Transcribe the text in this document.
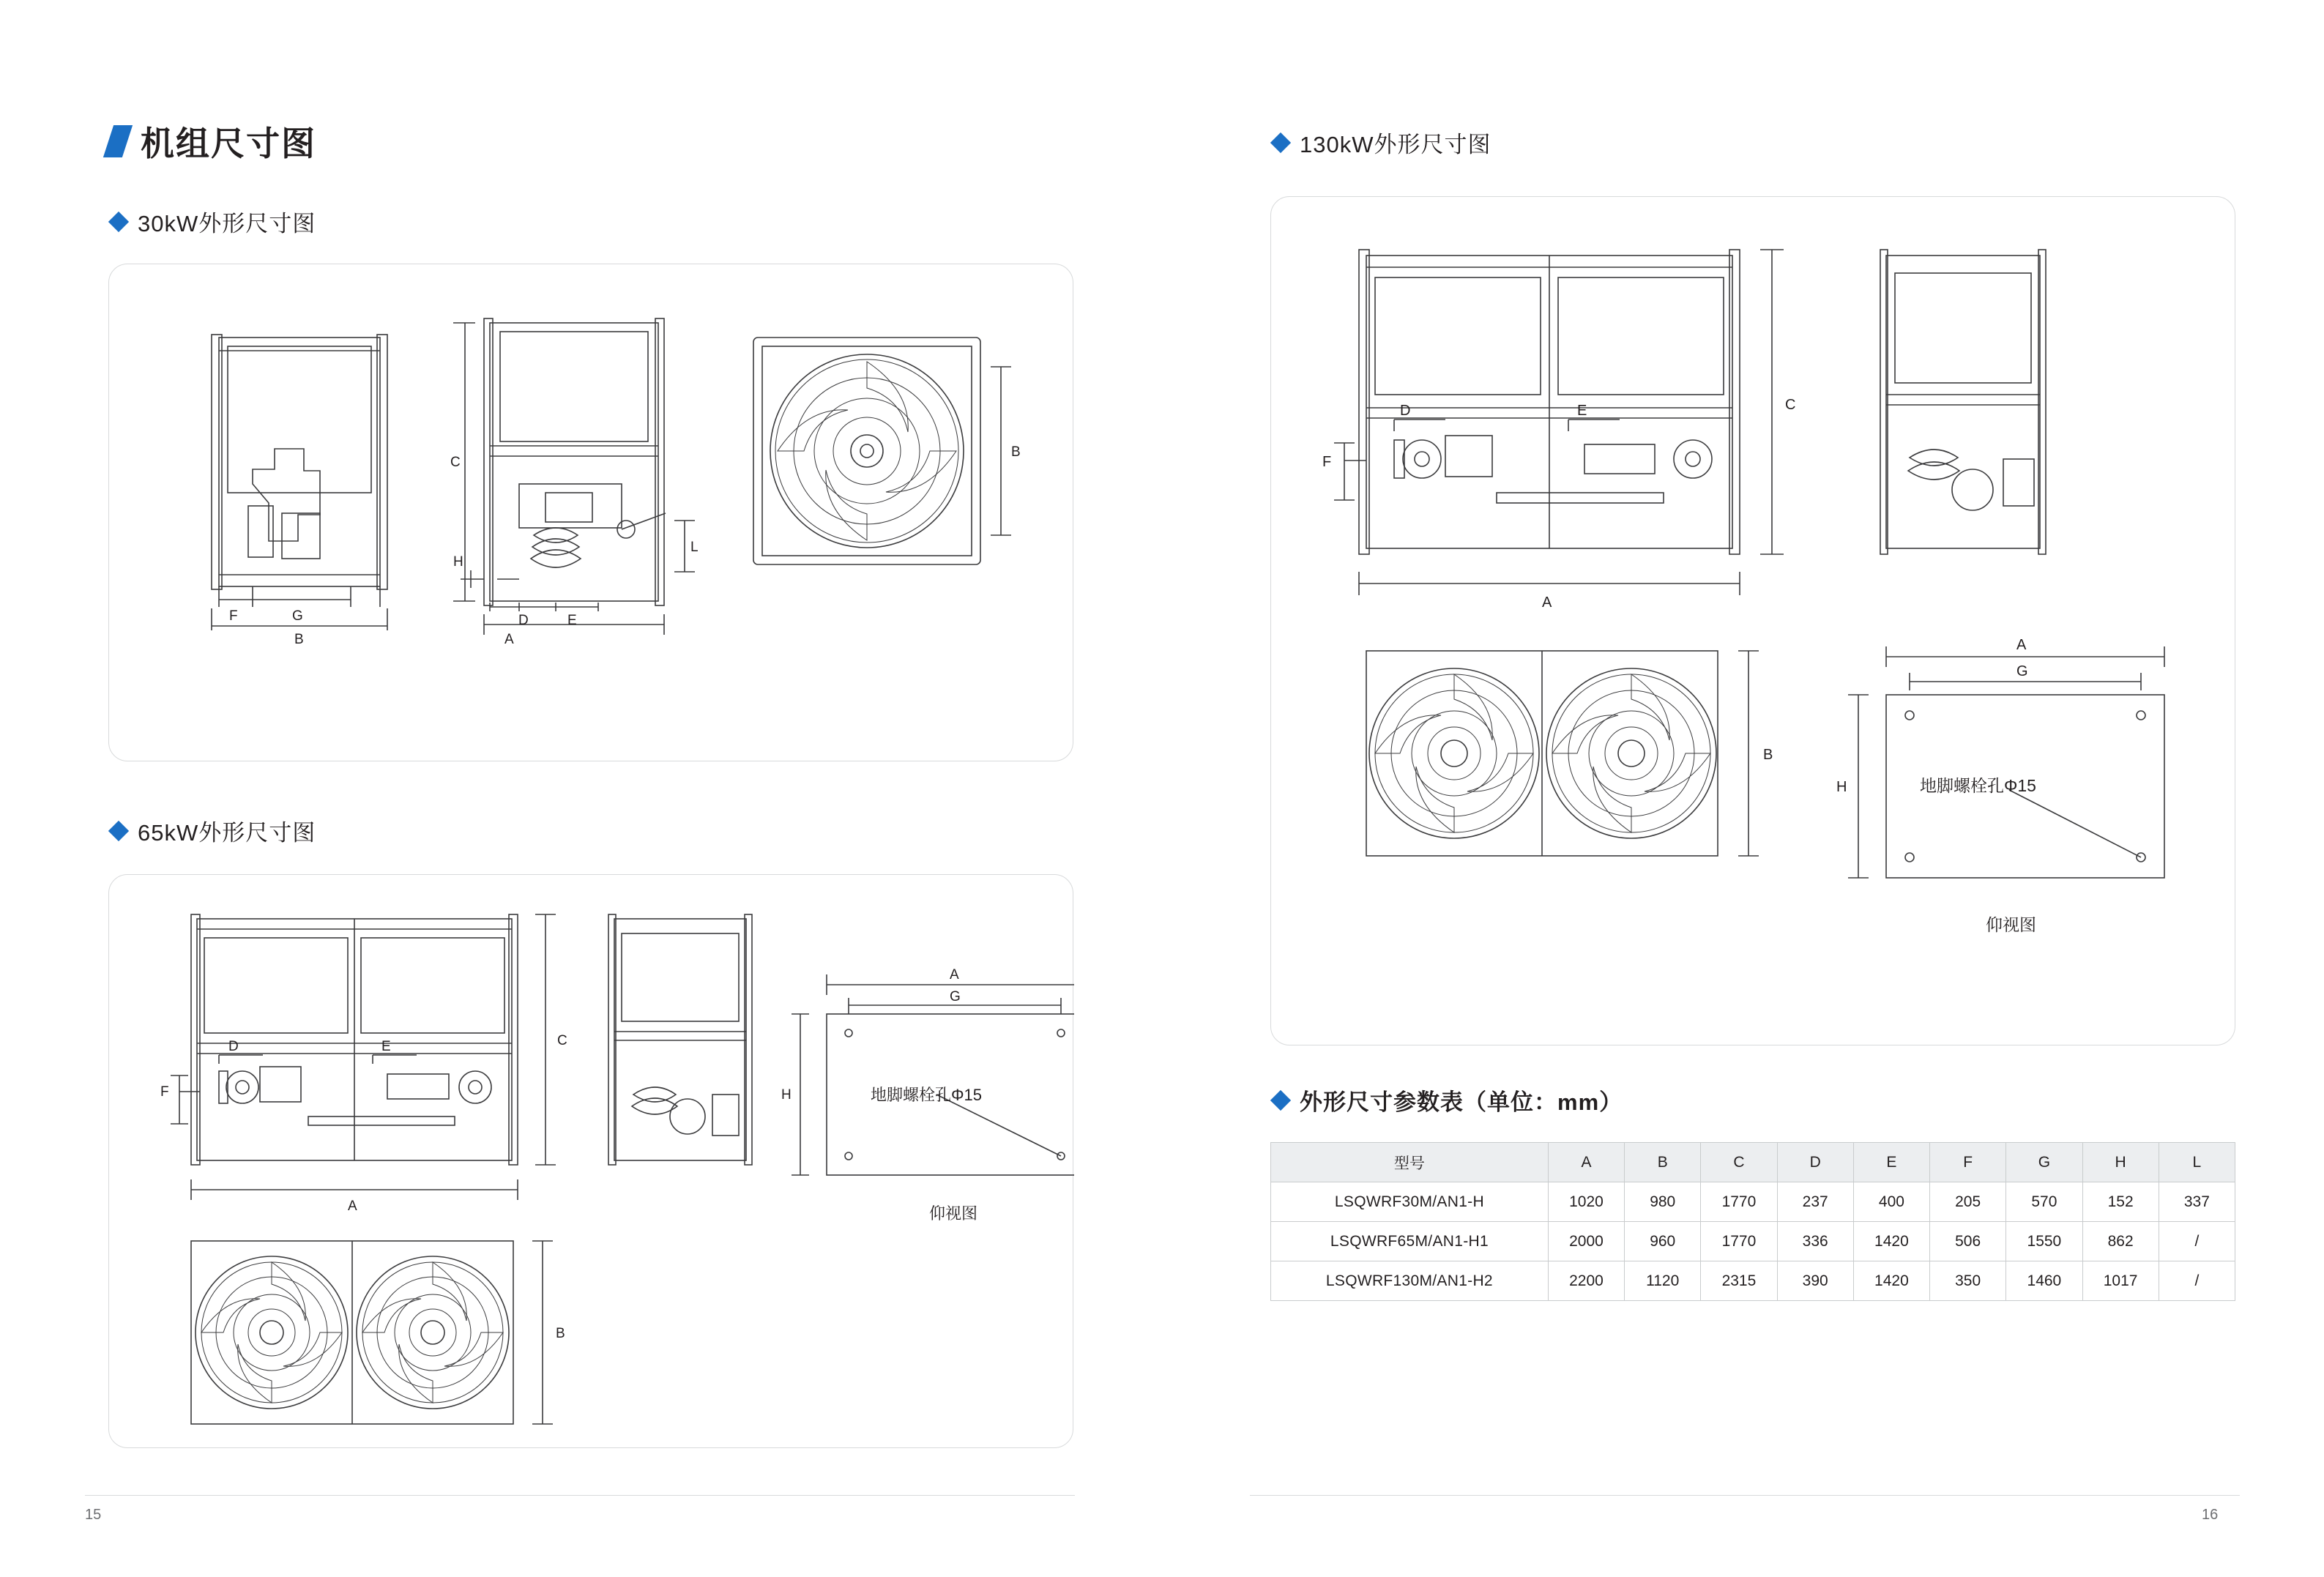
机组尺寸图
30kW外形尺寸图
F	G
B
C
A
D	E
H
L
B
65kW外形尺寸图
D	E
F
A
C
A
G
H
B
地脚螺栓孔Φ15
仰视图
15
130kW外形尺寸图
D	E
F
A
C
B
A
G
H	地脚螺栓孔Φ15
仰视图
外形尺寸参数表（单位：mm）
型号	A	B	C	D	E	F	G	H	L
LSQWRF30M/AN1-H	1020	980	1770	237	400	205	570	152	337
LSQWRF65M/AN1-H1	2000	960	1770	336	1420	506	1550	862	/
LSQWRF130M/AN1-H2	2200	1120	2315	390	1420	350	1460	1017	/
16
